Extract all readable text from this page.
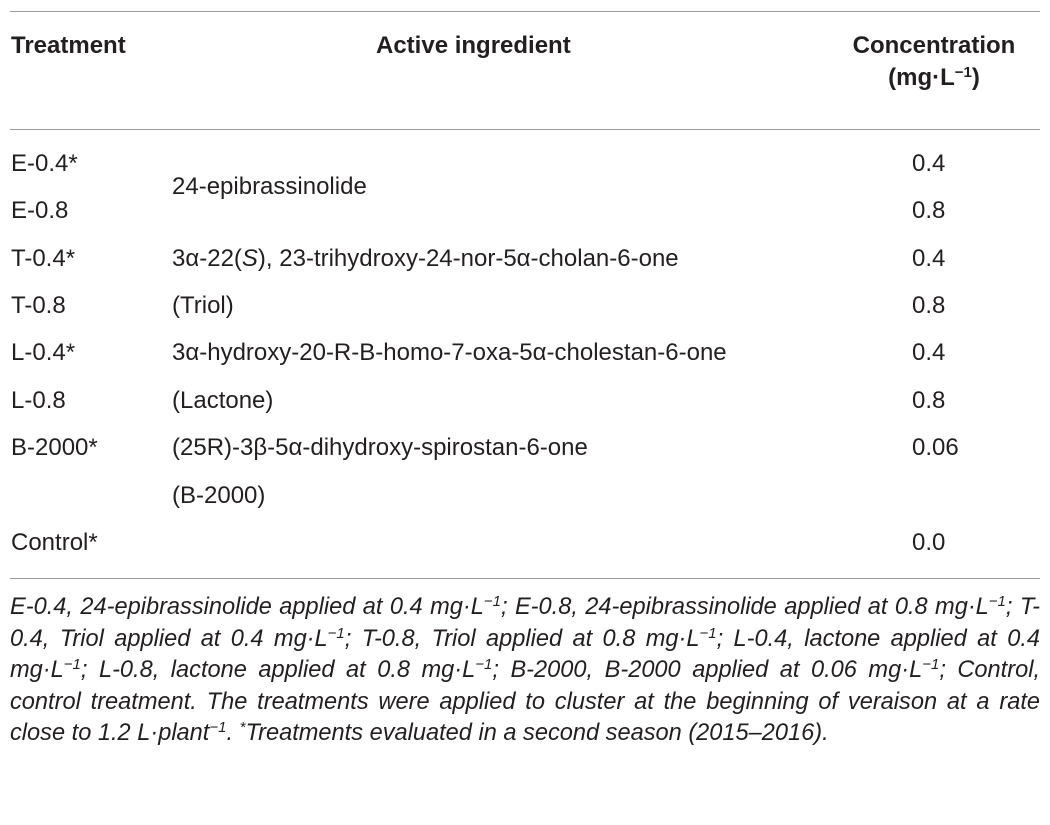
Treatment	Active ingredient	Concentration
$(mg\cdot L^{-1})$
E-0.4*
E-0.8
T-0.4*
T-0.8
L-0.4*
L-0.8
B-2000*
Control*
24-epibrassinolide
3α-22(S), 23-trihydroxy-24-nor-5α-cholan-6-one
(Triol)
3α-hydroxy-20-R-B-homo-7-oxa-5α-cholestan-6-one
(Lactone)
(25R)-3β-5α-dihydroxy-spirostan-6-one
(B-2000)
0.4
0.8
0.4
0.8
0.4
0.8
0.06
0.0
E-0.4, 24-epibrassinolide applied at 0.4 $mg\cdot L^{-1}$; E-0.8, 24-epibrassinolide applied at 0.8 $mg\cdot L^{-1}$; T-0.4, Triol applied at 0.4 $mg\cdot L^{-1}$; T-0.8, Triol applied at 0.8 $mg\cdot L^{-1}$; L-0.4, lactone applied at 0.4 $mg\cdot L^{-1}$; L-0.8, lactone applied at 0.8 $mg\cdot L^{-1}$; B-2000, B-2000 applied at 0.06 $mg\cdot L^{-1}$; Control, control treatment. The treatments were applied to cluster at the beginning of veraison at a rate close to 1.2 L·plant$^{-1}$. *Treatments evaluated in a second season (2015–2016).
